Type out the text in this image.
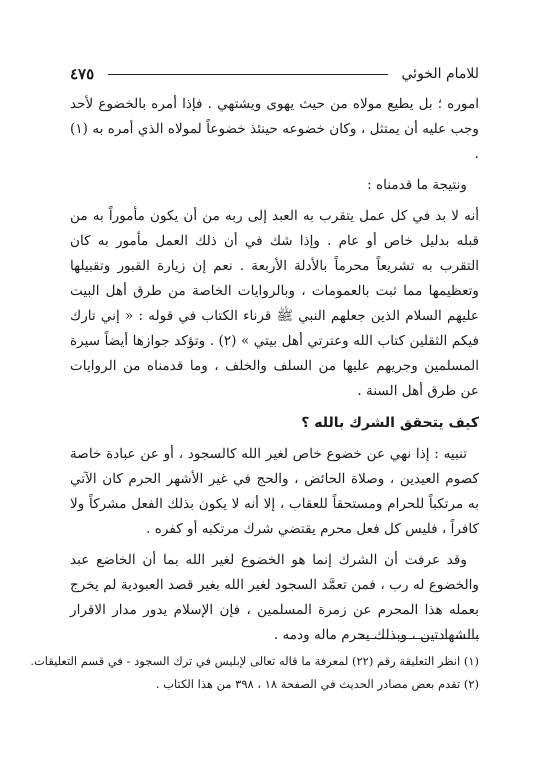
للامام الخوئي
٤٧٥

اموره ؛ بل يطيع مولاه من حيث يهوى ويشتهي . فإذا أمره بالخضوع لأحد وجب عليه أن يمتثل ، وكان خضوعه حينئذ خضوعاً لمولاه الذي أمره به (١) .

ونتيجة ما قدمناه :

أنه لا بد في كل عمل يتقرب به العبد إلى ربه من أن يكون مأموراً به من قبله بدليل خاص أو عام . وإذا شك في أن ذلك العمل مأمور به كان التقرب به تشريعاً محرماً بالأدلة الأربعة . نعم إن زيارة القبور وتقبيلها وتعظيمها مما ثبت بالعمومات ، وبالروايات الخاصة من طرق أهل البيت عليهم السلام الذين جعلهم النبي ﷺ قرناء الكتاب في قوله : « إني تارك فيكم الثقلين كتاب الله وعترتي أهل بيتي » (٢) . وتؤكد جوازها أيضاً سيرة المسلمين وجريهم عليها من السلف والخلف ، وما قدمناه من الروايات عن طرق أهل السنة .

كيف يتحقق الشرك بالله ؟

تنبيه : إذا نهي عن خضوع خاص لغير الله كالسجود ، أو عن عبادة خاصة كصوم العيدين ، وصلاة الحائض ، والحج في غير الأشهر الحرم كان الآتي به مرتكباً للحرام ومستحقاً للعقاب ، إلا أنه لا يكون بذلك الفعل مشركاً ولا كافراً ، فليس كل فعل محرم يقتضي شرك مرتكبه أو كفره .

وقد عرفت أن الشرك إنما هو الخضوع لغير الله بما أن الخاضع عبد والخضوع له رب ، فمن تعمَّد السجود لغير الله بغير قصد العبودية لم يخرج بعمله هذا المحرم عن زمرة المسلمين ، فإن الإسلام يدور مدار الاقرار بالشهادتين ، وبذلك يحرم ماله ودمه .

(١) انظر التعليقة رقم (٢٢) لمعرفة ما قاله تعالى لإبليس في ترك السجود - في قسم التعليقات.

(٢) تقدم بعض مصادر الحديث في الصفحة ١٨ ، ٣٩٨ من هذا الكتاب .
